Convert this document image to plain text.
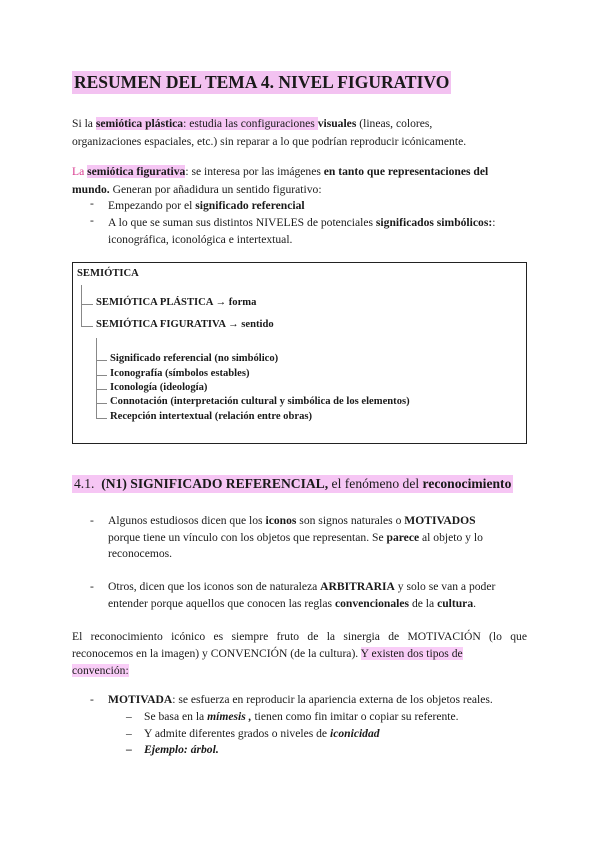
RESUMEN DEL TEMA 4. NIVEL FIGURATIVO
Si la semiótica plástica: estudia las configuraciones visuales (lineas, colores,
organizaciones espaciales, etc.) sin reparar a lo que podrían reproducir icónicamente.
La semiótica figurativa: se interesa por las imágenes en tanto que representaciones del
mundo. Generan por añadidura un sentido figurativo:
- Empezando por el significado referencial
- A lo que se suman sus distintos NIVELES de potenciales significados simbólicos::
iconográfica, iconológica e intertextual.
SEMIÓTICA
SEMIÓTICA PLÁSTICA → forma
SEMIÓTICA FIGURATIVA → sentido
Significado referencial (no simbólico)
Iconografía (símbolos estables)
Iconología (ideología)
Connotación (interpretación cultural y simbólica de los elementos)
Recepción intertextual (relación entre obras)
4.1. (N1) SIGNIFICADO REFERENCIAL, el fenómeno del reconocimiento
- Algunos estudiosos dicen que los iconos son signos naturales o MOTIVADOS
porque tiene un vínculo con los objetos que representan. Se parece al objeto y lo
reconocemos.
- Otros, dicen que los iconos son de naturaleza ARBITRARIA y solo se van a poder
entender porque aquellos que conocen las reglas convencionales de la cultura.
El reconocimiento icónico es siempre fruto de la sinergia de MOTIVACIÓN (lo que
reconocemos en la imagen) y CONVENCIÓN (de la cultura). Y existen dos tipos de
convención:
- MOTIVADA: se esfuerza en reproducir la apariencia externa de los objetos reales.
– Se basa en la mímesis , tienen como fin imitar o copiar su referente.
– Y admite diferentes grados o niveles de iconicidad
– Ejemplo: árbol.
